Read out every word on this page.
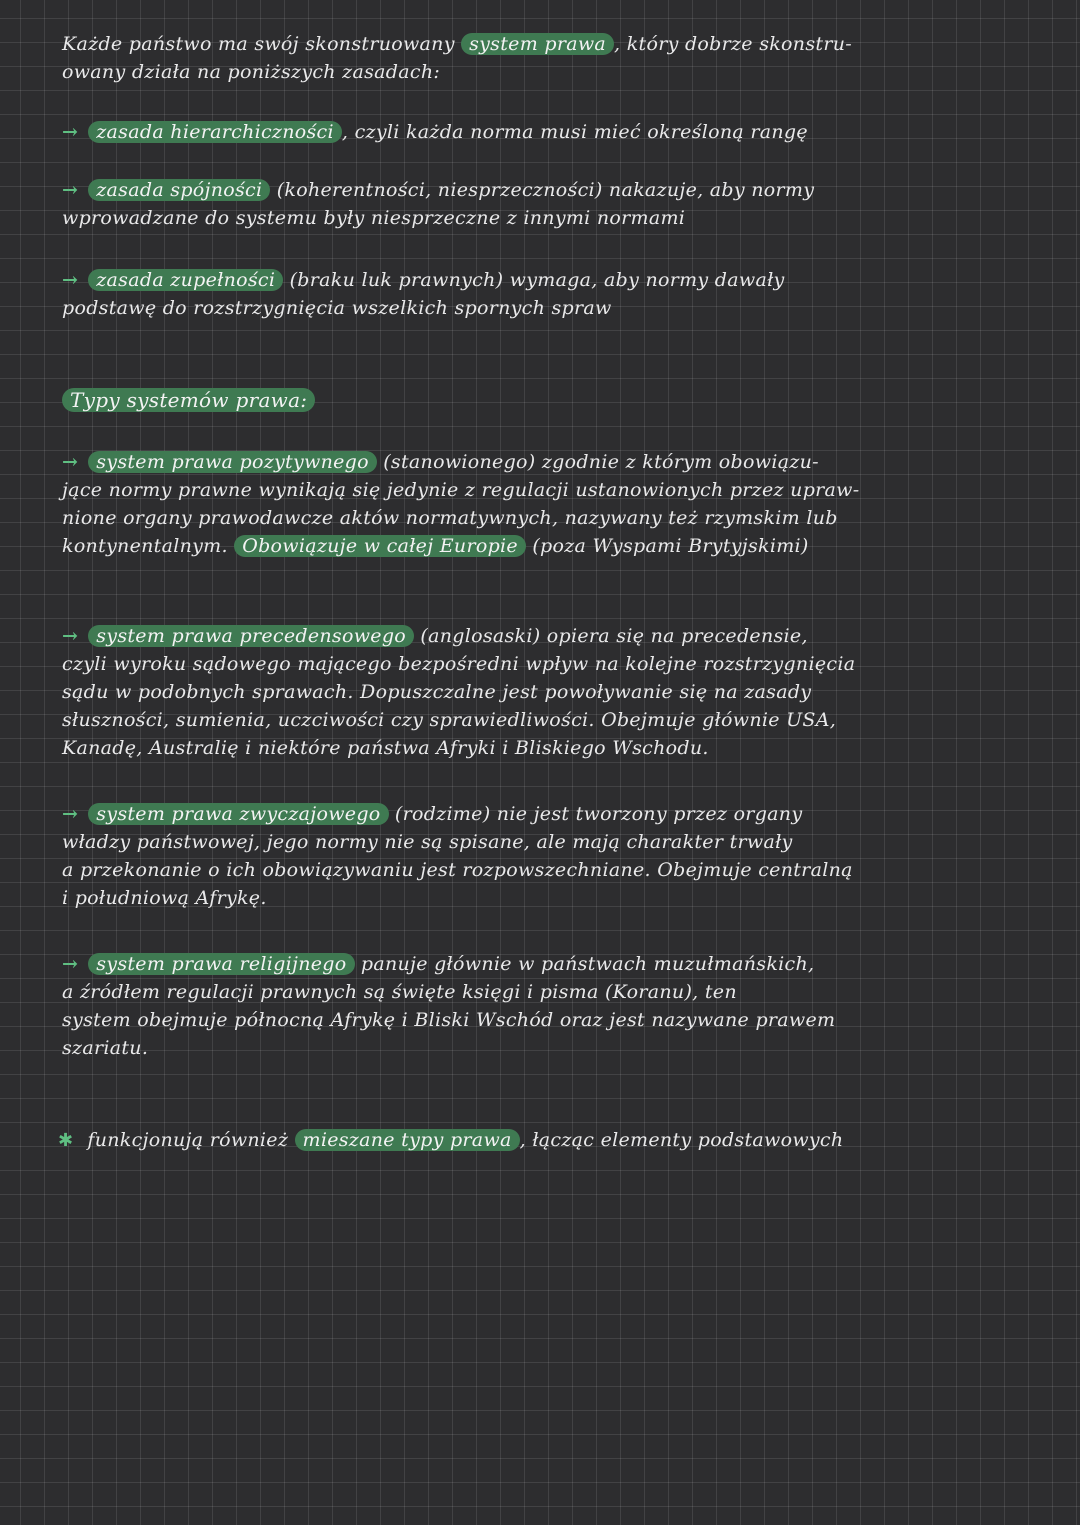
Każde państwo ma swój skonstruowany system prawa , który dobrze skonstru-
owany działa na poniższych zasadach:
→ zasada hierarchiczności , czyli każda norma musi mieć określoną rangę
→ zasada spójności (koherentności, niesprzeczności) nakazuje, aby normy
wprowadzane do systemu były niesprzeczne z innymi normami
→ zasada zupełności (braku luk prawnych) wymaga, aby normy dawały
podstawę do rozstrzygnięcia wszelkich spornych spraw
Typy systemów prawa:
→ system prawa pozytywnego (stanowionego) zgodnie z którym obowiązu-
jące normy prawne wynikają się jedynie z regulacji ustanowionych przez upraw-
nione organy prawodawcze aktów normatywnych, nazywany też rzymskim lub
kontynentalnym. Obowiązuje w całej Europie (poza Wyspami Brytyjskimi)
→ system prawa precedensowego (anglosaski) opiera się na precedensie,
czyli wyroku sądowego mającego bezpośredni wpływ na kolejne rozstrzygnięcia
sądu w podobnych sprawach. Dopuszczalne jest powoływanie się na zasady
słuszności, sumienia, uczciwości czy sprawiedliwości. Obejmuje głównie USA,
Kanadę, Australię i niektóre państwa Afryki i Bliskiego Wschodu.
→ system prawa zwyczajowego (rodzime) nie jest tworzony przez organy
władzy państwowej, jego normy nie są spisane, ale mają charakter trwały
a przekonanie o ich obowiązywaniu jest rozpowszechniane. Obejmuje centralną
i południową Afrykę.
→ system prawa religijnego panuje głównie w państwach muzułmańskich,
a źródłem regulacji prawnych są święte księgi i pisma (Koranu), ten
system obejmuje północną Afrykę i Bliski Wschód oraz jest nazywane prawem
szariatu.
✱ funkcjonują również mieszane typy prawa , łącząc elementy podstawowych
